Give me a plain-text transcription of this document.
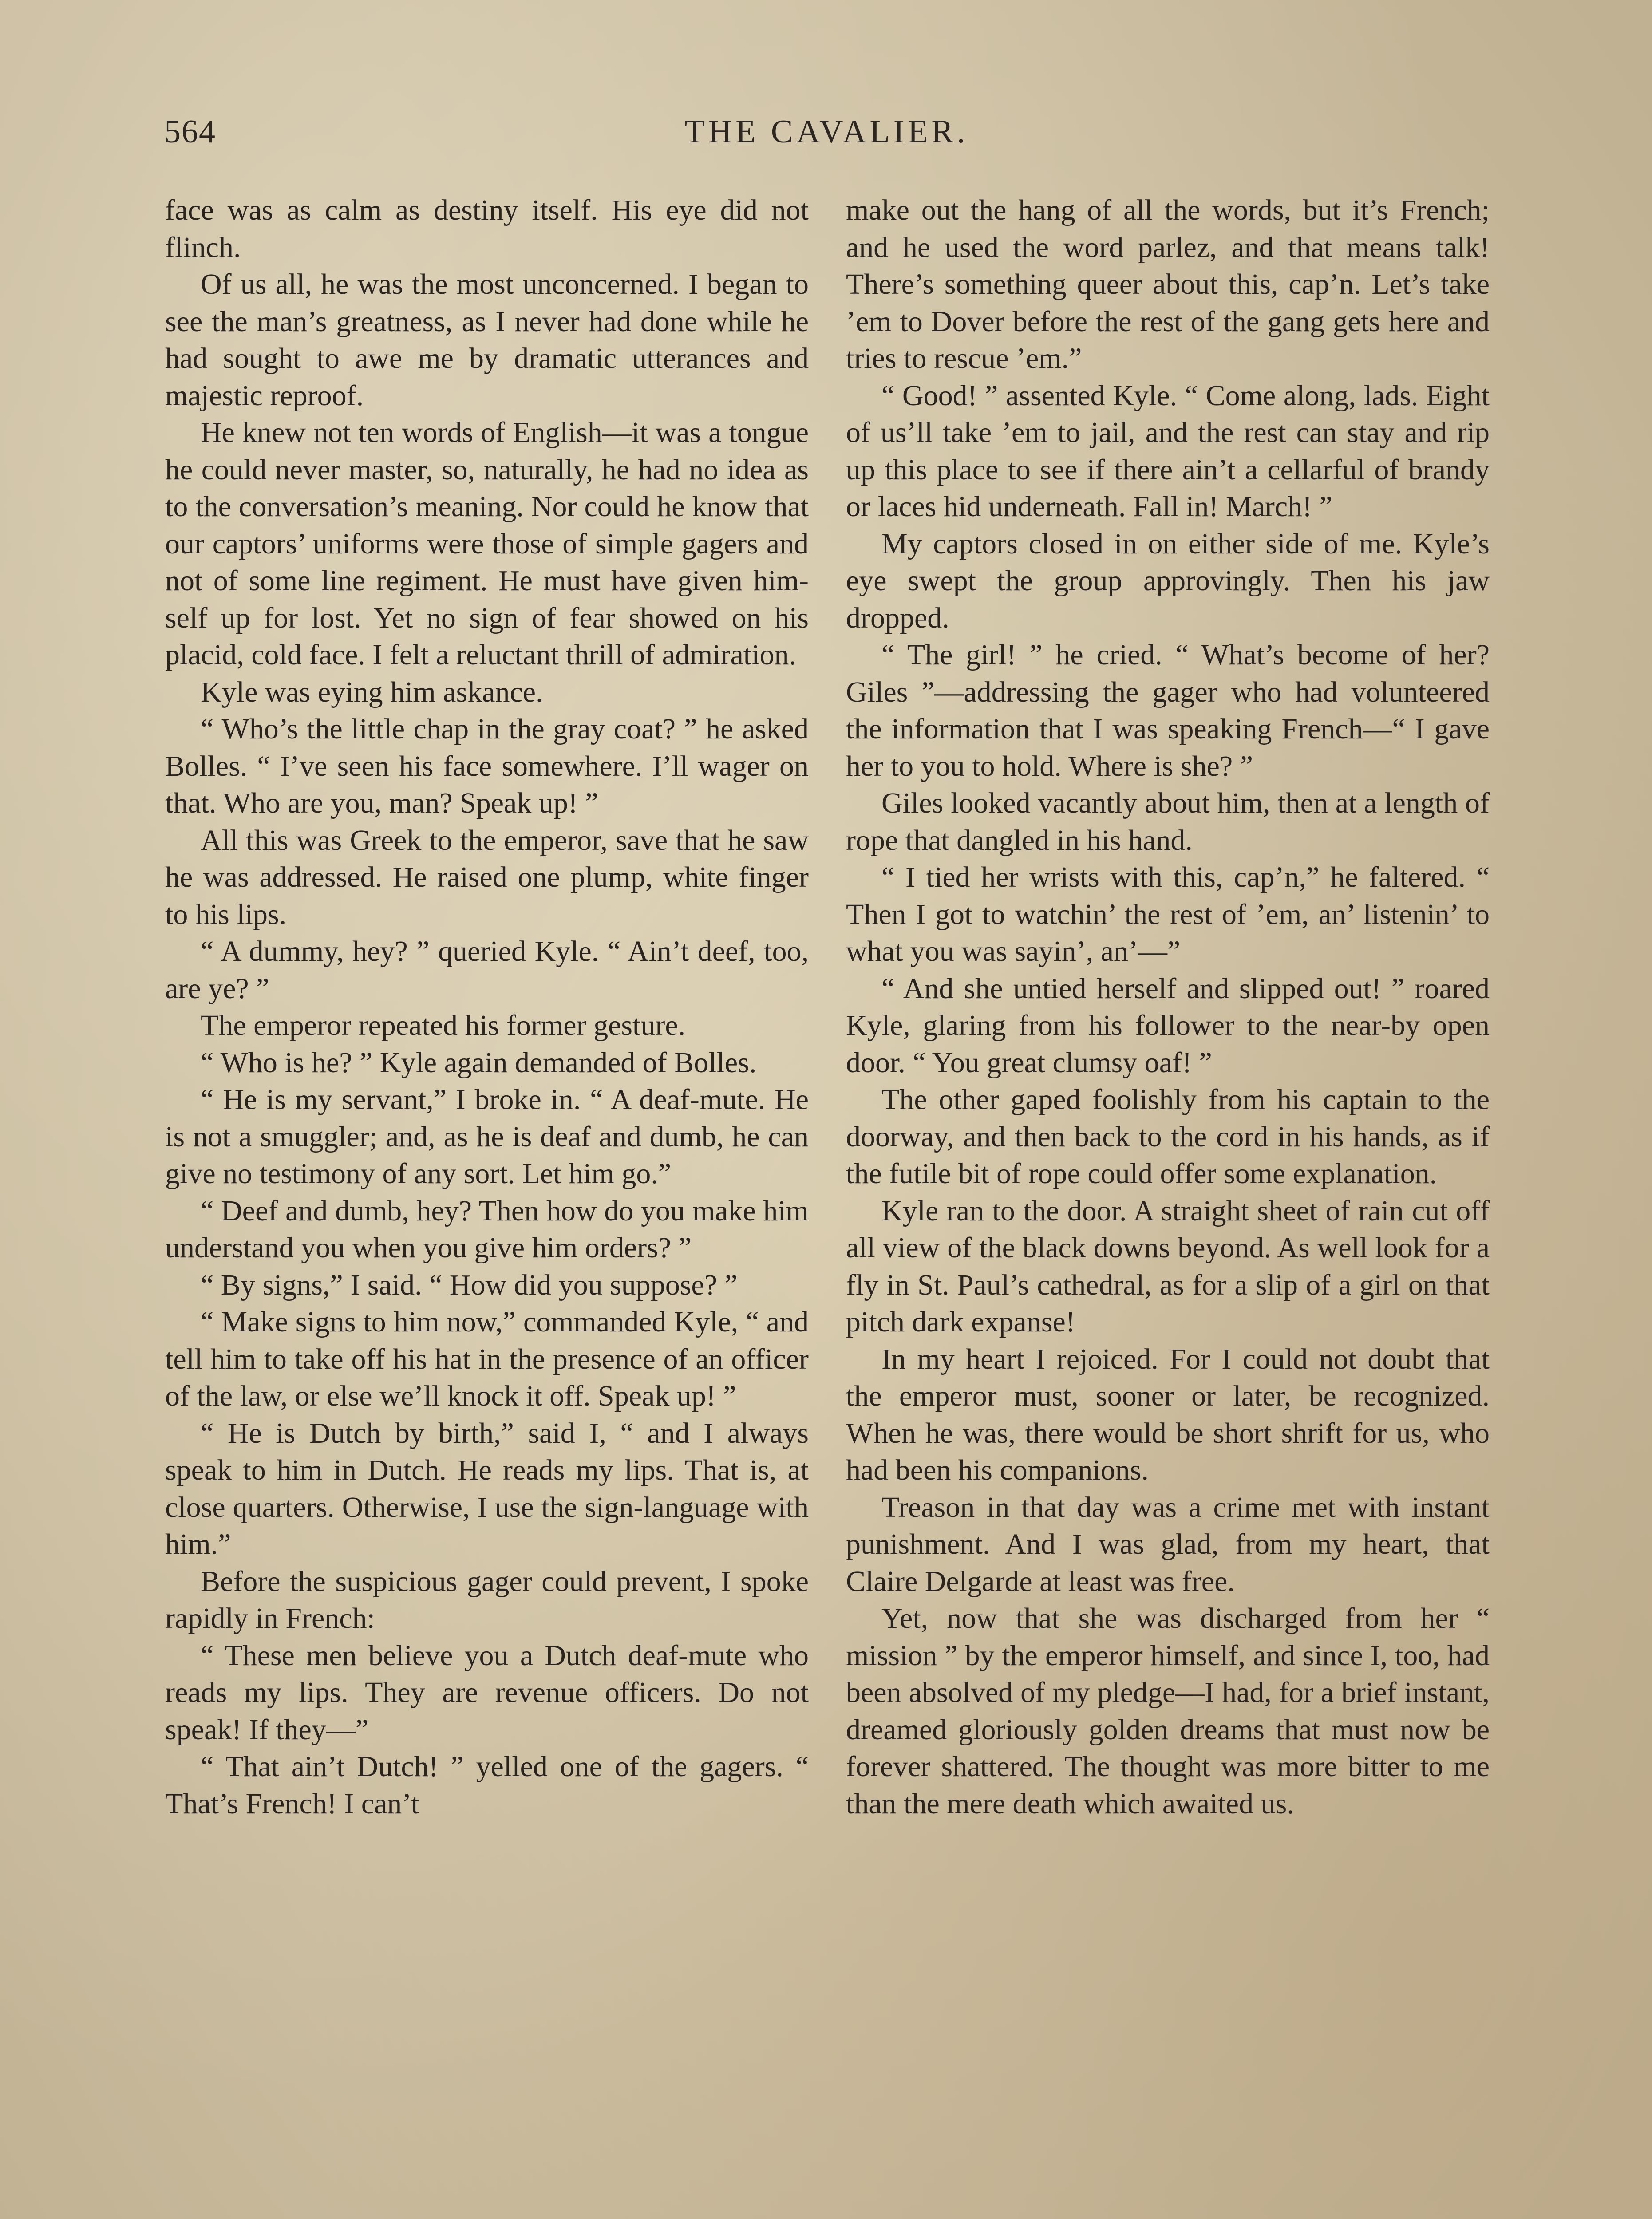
564	THE CAVALIER.

face was as calm as destiny itself. His eye did not flinch.

Of us all, he was the most unconcerned. I began to see the man’s greatness, as I never had done while he had sought to awe me by dramatic utterances and majestic reproof.

He knew not ten words of English—it was a tongue he could never master, so, naturally, he had no idea as to the conversation’s meaning. Nor could he know that our captors’ uniforms were those of simple gagers and not of some line regiment. He must have given himself up for lost. Yet no sign of fear showed on his placid, cold face. I felt a reluctant thrill of admiration.

Kyle was eying him askance.

“ Who’s the little chap in the gray coat? ” he asked Bolles. “ I’ve seen his face somewhere. I’ll wager on that. Who are you, man? Speak up! ”

All this was Greek to the emperor, save that he saw he was addressed. He raised one plump, white finger to his lips.

“ A dummy, hey? ” queried Kyle. “ Ain’t deef, too, are ye? ”

The emperor repeated his former gesture.

“ Who is he? ” Kyle again demanded of Bolles.

“ He is my servant,” I broke in. “ A deaf-mute. He is not a smuggler; and, as he is deaf and dumb, he can give no testimony of any sort. Let him go.”

“ Deef and dumb, hey? Then how do you make him understand you when you give him orders? ”

“ By signs,” I said. “ How did you suppose? ”

“ Make signs to him now,” commanded Kyle, “ and tell him to take off his hat in the presence of an officer of the law, or else we’ll knock it off. Speak up! ”

“ He is Dutch by birth,” said I, “ and I always speak to him in Dutch. He reads my lips. That is, at close quarters. Otherwise, I use the sign-language with him.”

Before the suspicious gager could prevent, I spoke rapidly in French:

“ These men believe you a Dutch deaf-mute who reads my lips. They are revenue officers. Do not speak! If they—”

“ That ain’t Dutch! ” yelled one of the gagers. “ That’s French! I can’t

make out the hang of all the words, but it’s French; and he used the word parlez, and that means talk! There’s something queer about this, cap’n. Let’s take ’em to Dover before the rest of the gang gets here and tries to rescue ’em.”

“ Good! ” assented Kyle. “ Come along, lads. Eight of us’ll take ’em to jail, and the rest can stay and rip up this place to see if there ain’t a cellarful of brandy or laces hid underneath. Fall in! March! ”

My captors closed in on either side of me. Kyle’s eye swept the group approvingly. Then his jaw dropped.

“ The girl! ” he cried. “ What’s become of her? Giles ”—addressing the gager who had volunteered the information that I was speaking French—“ I gave her to you to hold. Where is she? ”

Giles looked vacantly about him, then at a length of rope that dangled in his hand.

“ I tied her wrists with this, cap’n,” he faltered. “ Then I got to watchin’ the rest of ’em, an’ listenin’ to what you was sayin’, an’—”

“ And she untied herself and slipped out! ” roared Kyle, glaring from his follower to the near-by open door. “ You great clumsy oaf! ”

The other gaped foolishly from his captain to the doorway, and then back to the cord in his hands, as if the futile bit of rope could offer some explanation.

Kyle ran to the door. A straight sheet of rain cut off all view of the black downs beyond. As well look for a fly in St. Paul’s cathedral, as for a slip of a girl on that pitch dark expanse!

In my heart I rejoiced. For I could not doubt that the emperor must, sooner or later, be recognized. When he was, there would be short shrift for us, who had been his companions.

Treason in that day was a crime met with instant punishment. And I was glad, from my heart, that Claire Delgarde at least was free.

Yet, now that she was discharged from her “ mission ” by the emperor himself, and since I, too, had been absolved of my pledge—I had, for a brief instant, dreamed gloriously golden dreams that must now be forever shattered. The thought was more bitter to me than the mere death which awaited us.
